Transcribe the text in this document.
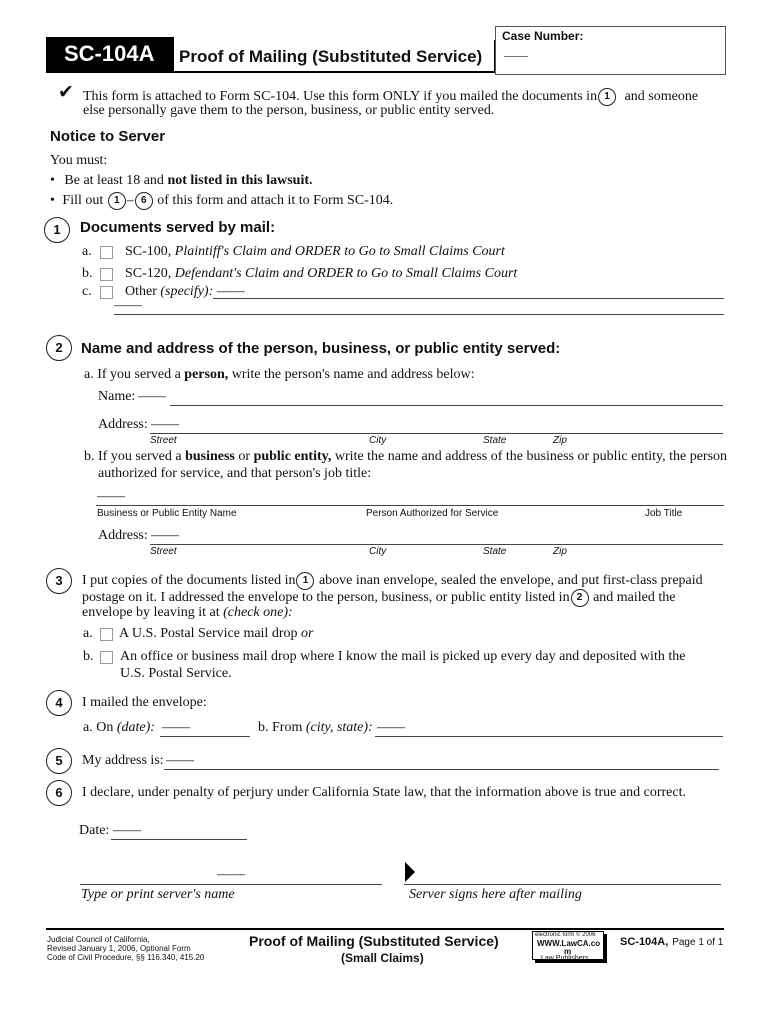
Case Number:
——
SC-104A Proof of Mailing (Substituted Service)
✔ This form is attached to Form SC-104. Use this form ONLY if you mailed the documents in 1 and someone
else personally gave them to the person, business, or public entity served.
Notice to Server
You must:
• Be at least 18 and not listed in this lawsuit.
• Fill out 1 – 6 of this form and attach it to Form SC-104.
1	Documents served by mail:
a. SC-100, Plaintiff's Claim and ORDER to Go to Small Claims Court
b. SC-120, Defendant's Claim and ORDER to Go to Small Claims Court
c. Other (specify): ——
——
2	Name and address of the person, business, or public entity served:
a. If you served a person, write the person's name and address below:
Name: ——
Address: ——
Street	City	State	Zip
b. If you served a business or public entity, write the name and address of the business or public entity, the person
authorized for service, and that person's job title:
——
Business or Public Entity Name	Person Authorized for Service	Job Title
Address: ——
Street	City	State	Zip
3	I put copies of the documents listed in 1 above inan envelope, sealed the envelope, and put first-class prepaid
postage on it. I addressed the envelope to the person, business, or public entity listed in 2 and mailed the
envelope by leaving it at (check one):
a. A U.S. Postal Service mail drop or
b. An office or business mail drop where I know the mail is picked up every day and deposited with the
U.S. Postal Service.
4	I mailed the envelope:
a. On (date): ——	b. From (city, state): ——
5	My address is: ——
6	I declare, under penalty of perjury under California State law, that the information above is true and correct.
Date: ——
——
Type or print server's name	Server signs here after mailing
Judicial Council of California,
Revised January 1, 2006, Optional Form
Code of Civil Procedure, §§ 116.340, 415.20
Proof of Mailing (Substituted Service)
(Small Claims)
electronic form © 2006
WWW.LawCA.co
m
Law Publishers
SC-104A, Page 1 of 1
